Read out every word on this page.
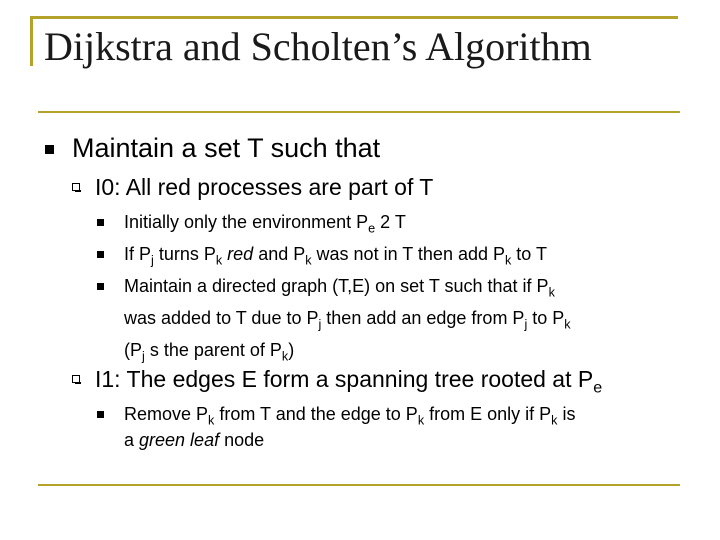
Dijkstra and Scholten’s Algorithm
Maintain a set T such that
I0: All red processes are part of T
Initially only the environment $P_e$ 2 T
If $P_j$ turns $P_k$ red and $P_k$ was not in T then add $P_k$ to T
Maintain a directed graph (T,E) on set T such that if $P_k$
was added to T due to $P_j$ then add an edge from $P_j$ to $P_k$
($P_j$ s the parent of $P_k$)
I1: The edges E form a spanning tree rooted at $P_e$
Remove $P_k$ from T and the edge to $P_k$ from E only if $P_k$ is
a green leaf node
